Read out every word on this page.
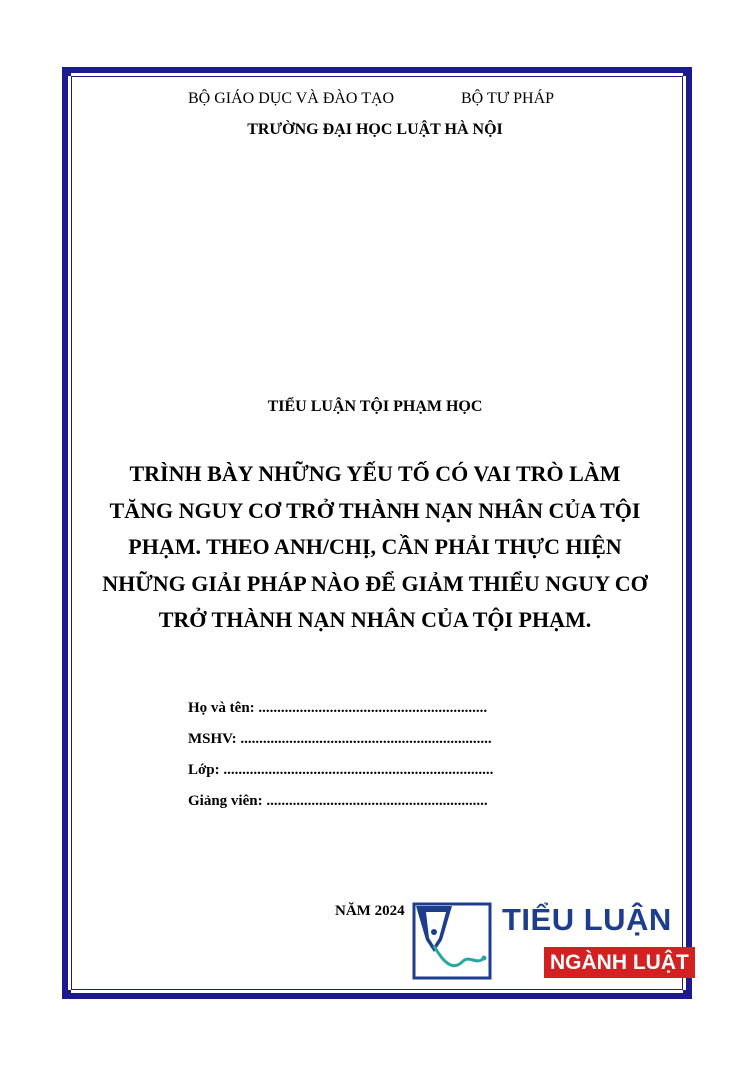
BỘ GIÁO DỤC VÀ ĐÀO TẠO	BỘ TƯ PHÁP
TRƯỜNG ĐẠI HỌC LUẬT HÀ NỘI
TIỂU LUẬN TỘI PHẠM HỌC
TRÌNH BÀY NHỮNG YẾU TỐ CÓ VAI TRÒ LÀM
TĂNG NGUY CƠ TRỞ THÀNH NẠN NHÂN CỦA TỘI
PHẠM. THEO ANH/CHỊ, CẦN PHẢI THỰC HIỆN
NHỮNG GIẢI PHÁP NÀO ĐỂ GIẢM THIỂU NGUY CƠ
TRỞ THÀNH NẠN NHÂN CỦA TỘI PHẠM.
Họ và tên: .............................................................
MSHV: ...................................................................
Lớp: ........................................................................
Giảng viên: ...........................................................
NĂM 2024	TIỂU LUẬN
NGÀNH LUẬT
